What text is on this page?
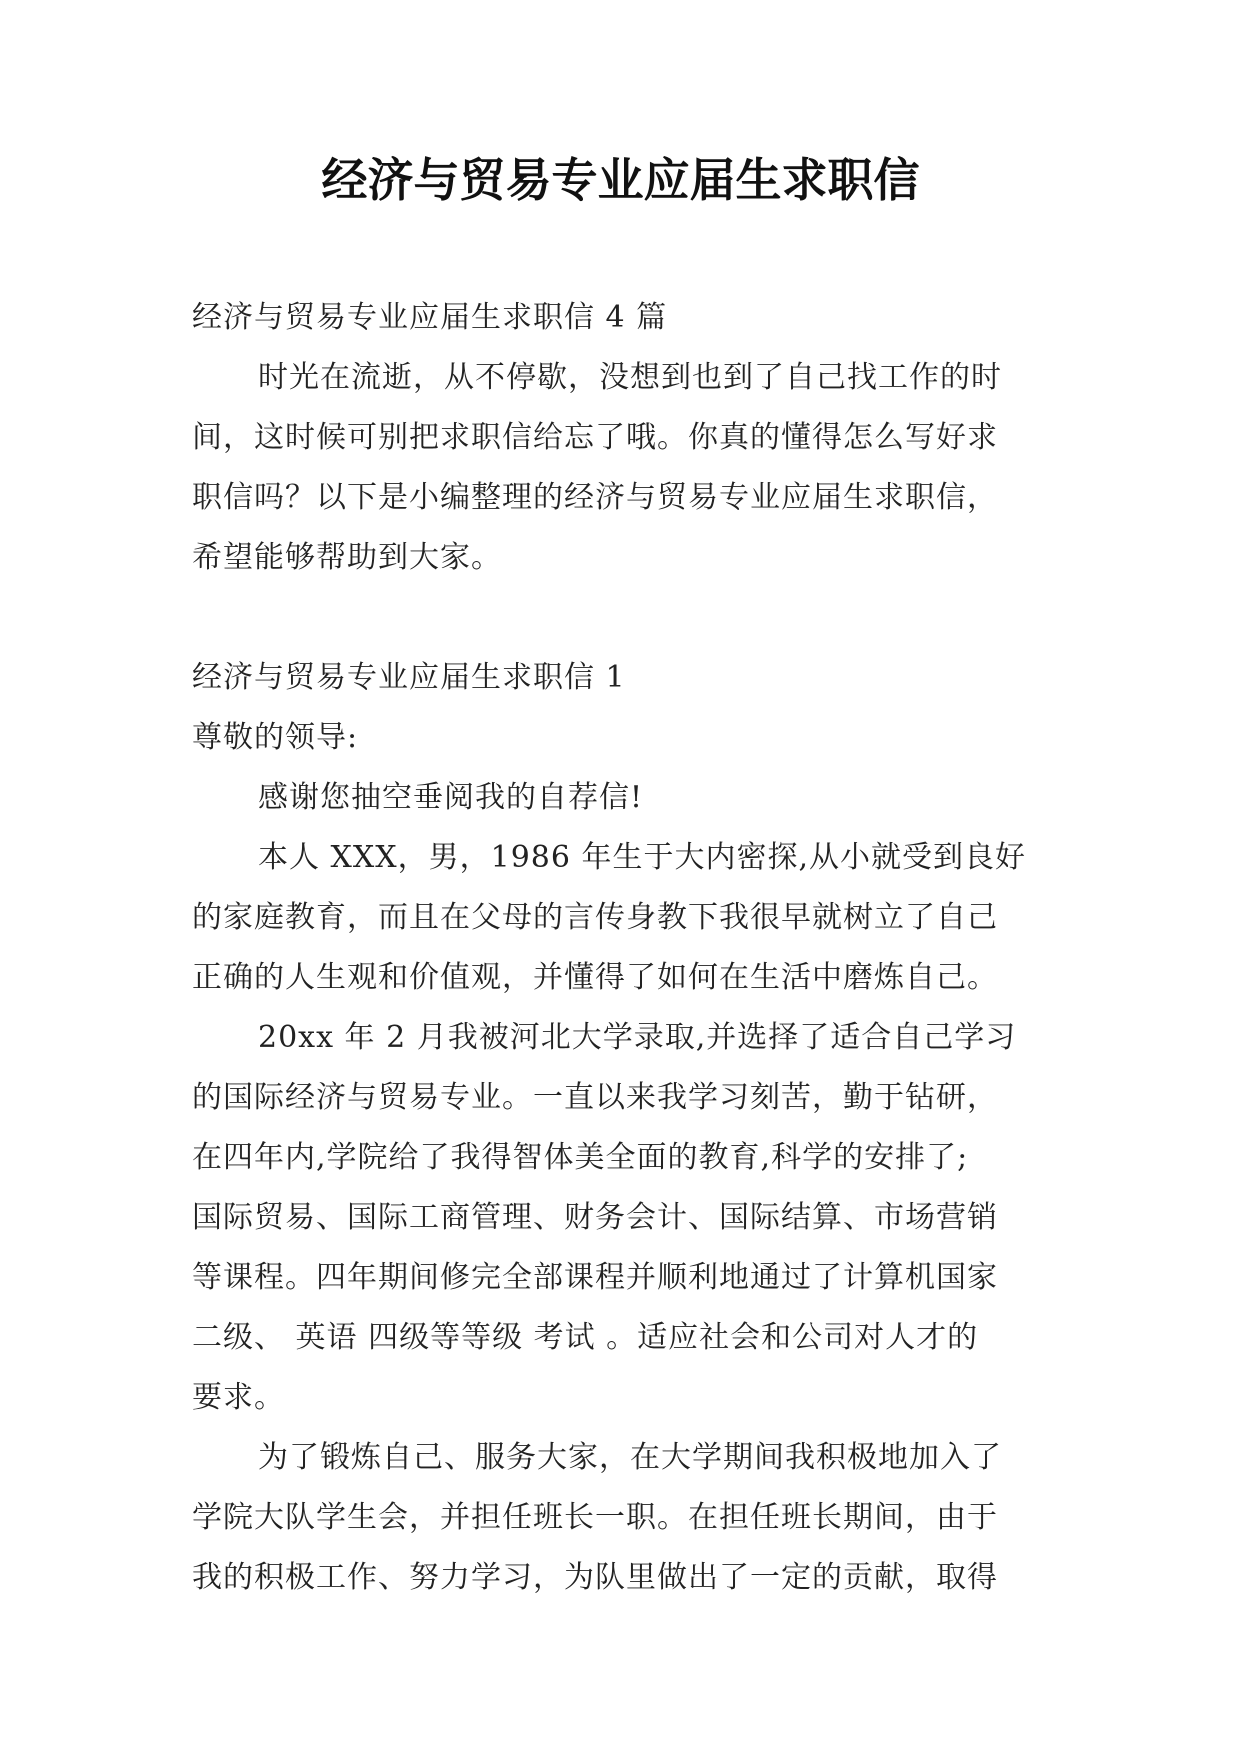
经济与贸易专业应届生求职信
经济与贸易专业应届生求职信 4 篇
时光在流逝，从不停歇，没想到也到了自己找工作的时
间，这时候可别把求职信给忘了哦。你真的懂得怎么写好求
职信吗？以下是小编整理的经济与贸易专业应届生求职信，
希望能够帮助到大家。
经济与贸易专业应届生求职信 1
尊敬的领导:
感谢您抽空垂阅我的自荐信!
本人 XXX，男，1986 年生于大内密探,从小就受到良好
的家庭教育，而且在父母的言传身教下我很早就树立了自己
正确的人生观和价值观，并懂得了如何在生活中磨炼自己。
20xx 年 2 月我被河北大学录取,并选择了适合自己学习
的国际经济与贸易专业。一直以来我学习刻苦，勤于钻研，
在四年内,学院给了我得智体美全面的教育,科学的安排了;
国际贸易、国际工商管理、财务会计、国际结算、市场营销
等课程。四年期间修完全部课程并顺利地通过了计算机国家
二级、 英语 四级等等级 考试 。适应社会和公司对人才的
要求。
为了锻炼自己、服务大家，在大学期间我积极地加入了
学院大队学生会，并担任班长一职。在担任班长期间，由于
我的积极工作、努力学习，为队里做出了一定的贡献，取得
